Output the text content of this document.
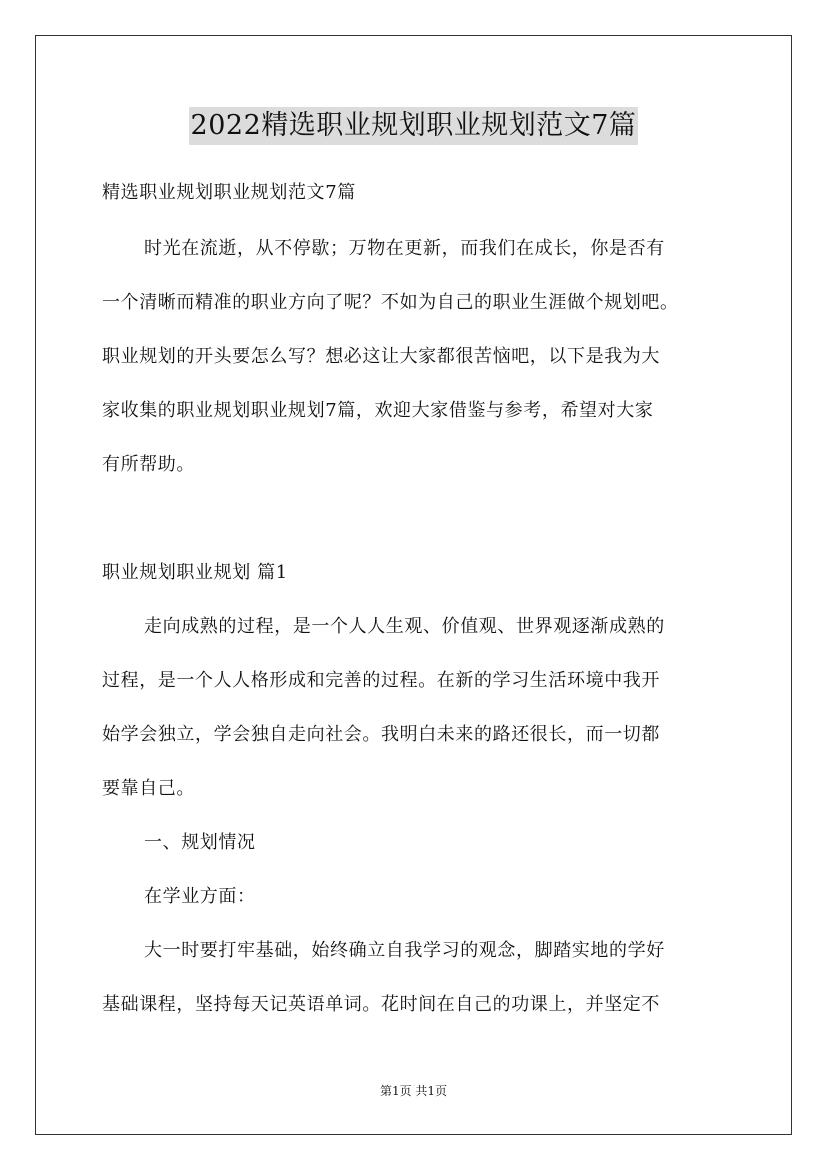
2022精选职业规划职业规划范文7篇
精选职业规划职业规划范文7篇
时光在流逝，从不停歇；万物在更新，而我们在成长，你是否有
一个清晰而精准的职业方向了呢？不如为自己的职业生涯做个规划吧。
职业规划的开头要怎么写？想必这让大家都很苦恼吧，以下是我为大
家收集的职业规划职业规划7篇，欢迎大家借鉴与参考，希望对大家
有所帮助。
职业规划职业规划 篇1
走向成熟的过程，是一个人人生观、价值观、世界观逐渐成熟的
过程，是一个人人格形成和完善的过程。在新的学习生活环境中我开
始学会独立，学会独自走向社会。我明白未来的路还很长，而一切都
要靠自己。
一、规划情况
在学业方面：
大一时要打牢基础，始终确立自我学习的观念，脚踏实地的学好
基础课程，坚持每天记英语单词。花时间在自己的功课上，并坚定不
第1页 共1页
